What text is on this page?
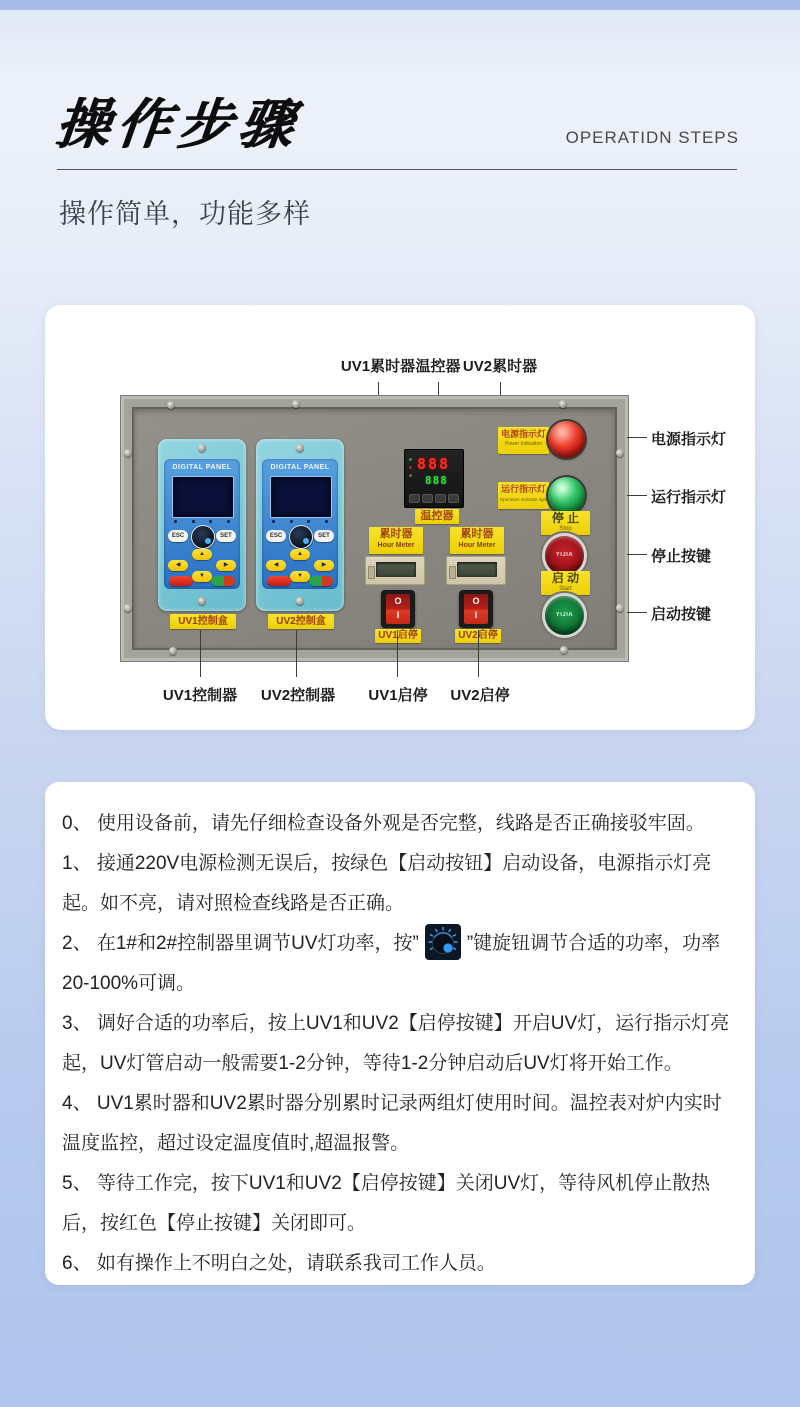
操作步骤	OPERATIDN STEPS
操作简单，功能多样
UV1累时器 温控器 UV2累时器
DIGITAL PANEL
ESC	SET
▲
◀	▶
▼
DIGITAL PANEL
ESC	SET
▲
◀	▶
▼
UV1控制盒	UV2控制盒
888
888
温控器
累时器
Hour Meter
累时器
Hour Meter
O
I
O
I
UV1启停	UV2启停
电源指示灯
Power Indication
运行指示灯
Operation indicator light
停 止
Stop
YIJIA
启 动
Start
YIJIA
电源指示灯
运行指示灯
停止按键
启动按键
UV1控制器 UV2控制器 UV1启停 UV2启停

0、 使用设备前，请先仔细检查设备外观是否完整，线路是否正确接驳牢固。

1、 接通220V电源检测无误后，按绿色【启动按钮】启动设备，电源指示灯亮起。如不亮，请对照检查线路是否正确。

2、 在1#和2#控制器里调节UV灯功率，按”	”键旋钮调节合适的功率，功率20-100%可调。

3、 调好合适的功率后，按上UV1和UV2【启停按键】开启UV灯，运行指示灯亮起，UV灯管启动一般需要1-2分钟，等待1-2分钟启动后UV灯将开始工作。

4、 UV1累时器和UV2累时器分别累时记录两组灯使用时间。温控表对炉内实时温度监控，超过设定温度值时,超温报警。

5、 等待工作完，按下UV1和UV2【启停按键】关闭UV灯，等待风机停止散热后，按红色【停止按键】关闭即可。

6、 如有操作上不明白之处，请联系我司工作人员。
